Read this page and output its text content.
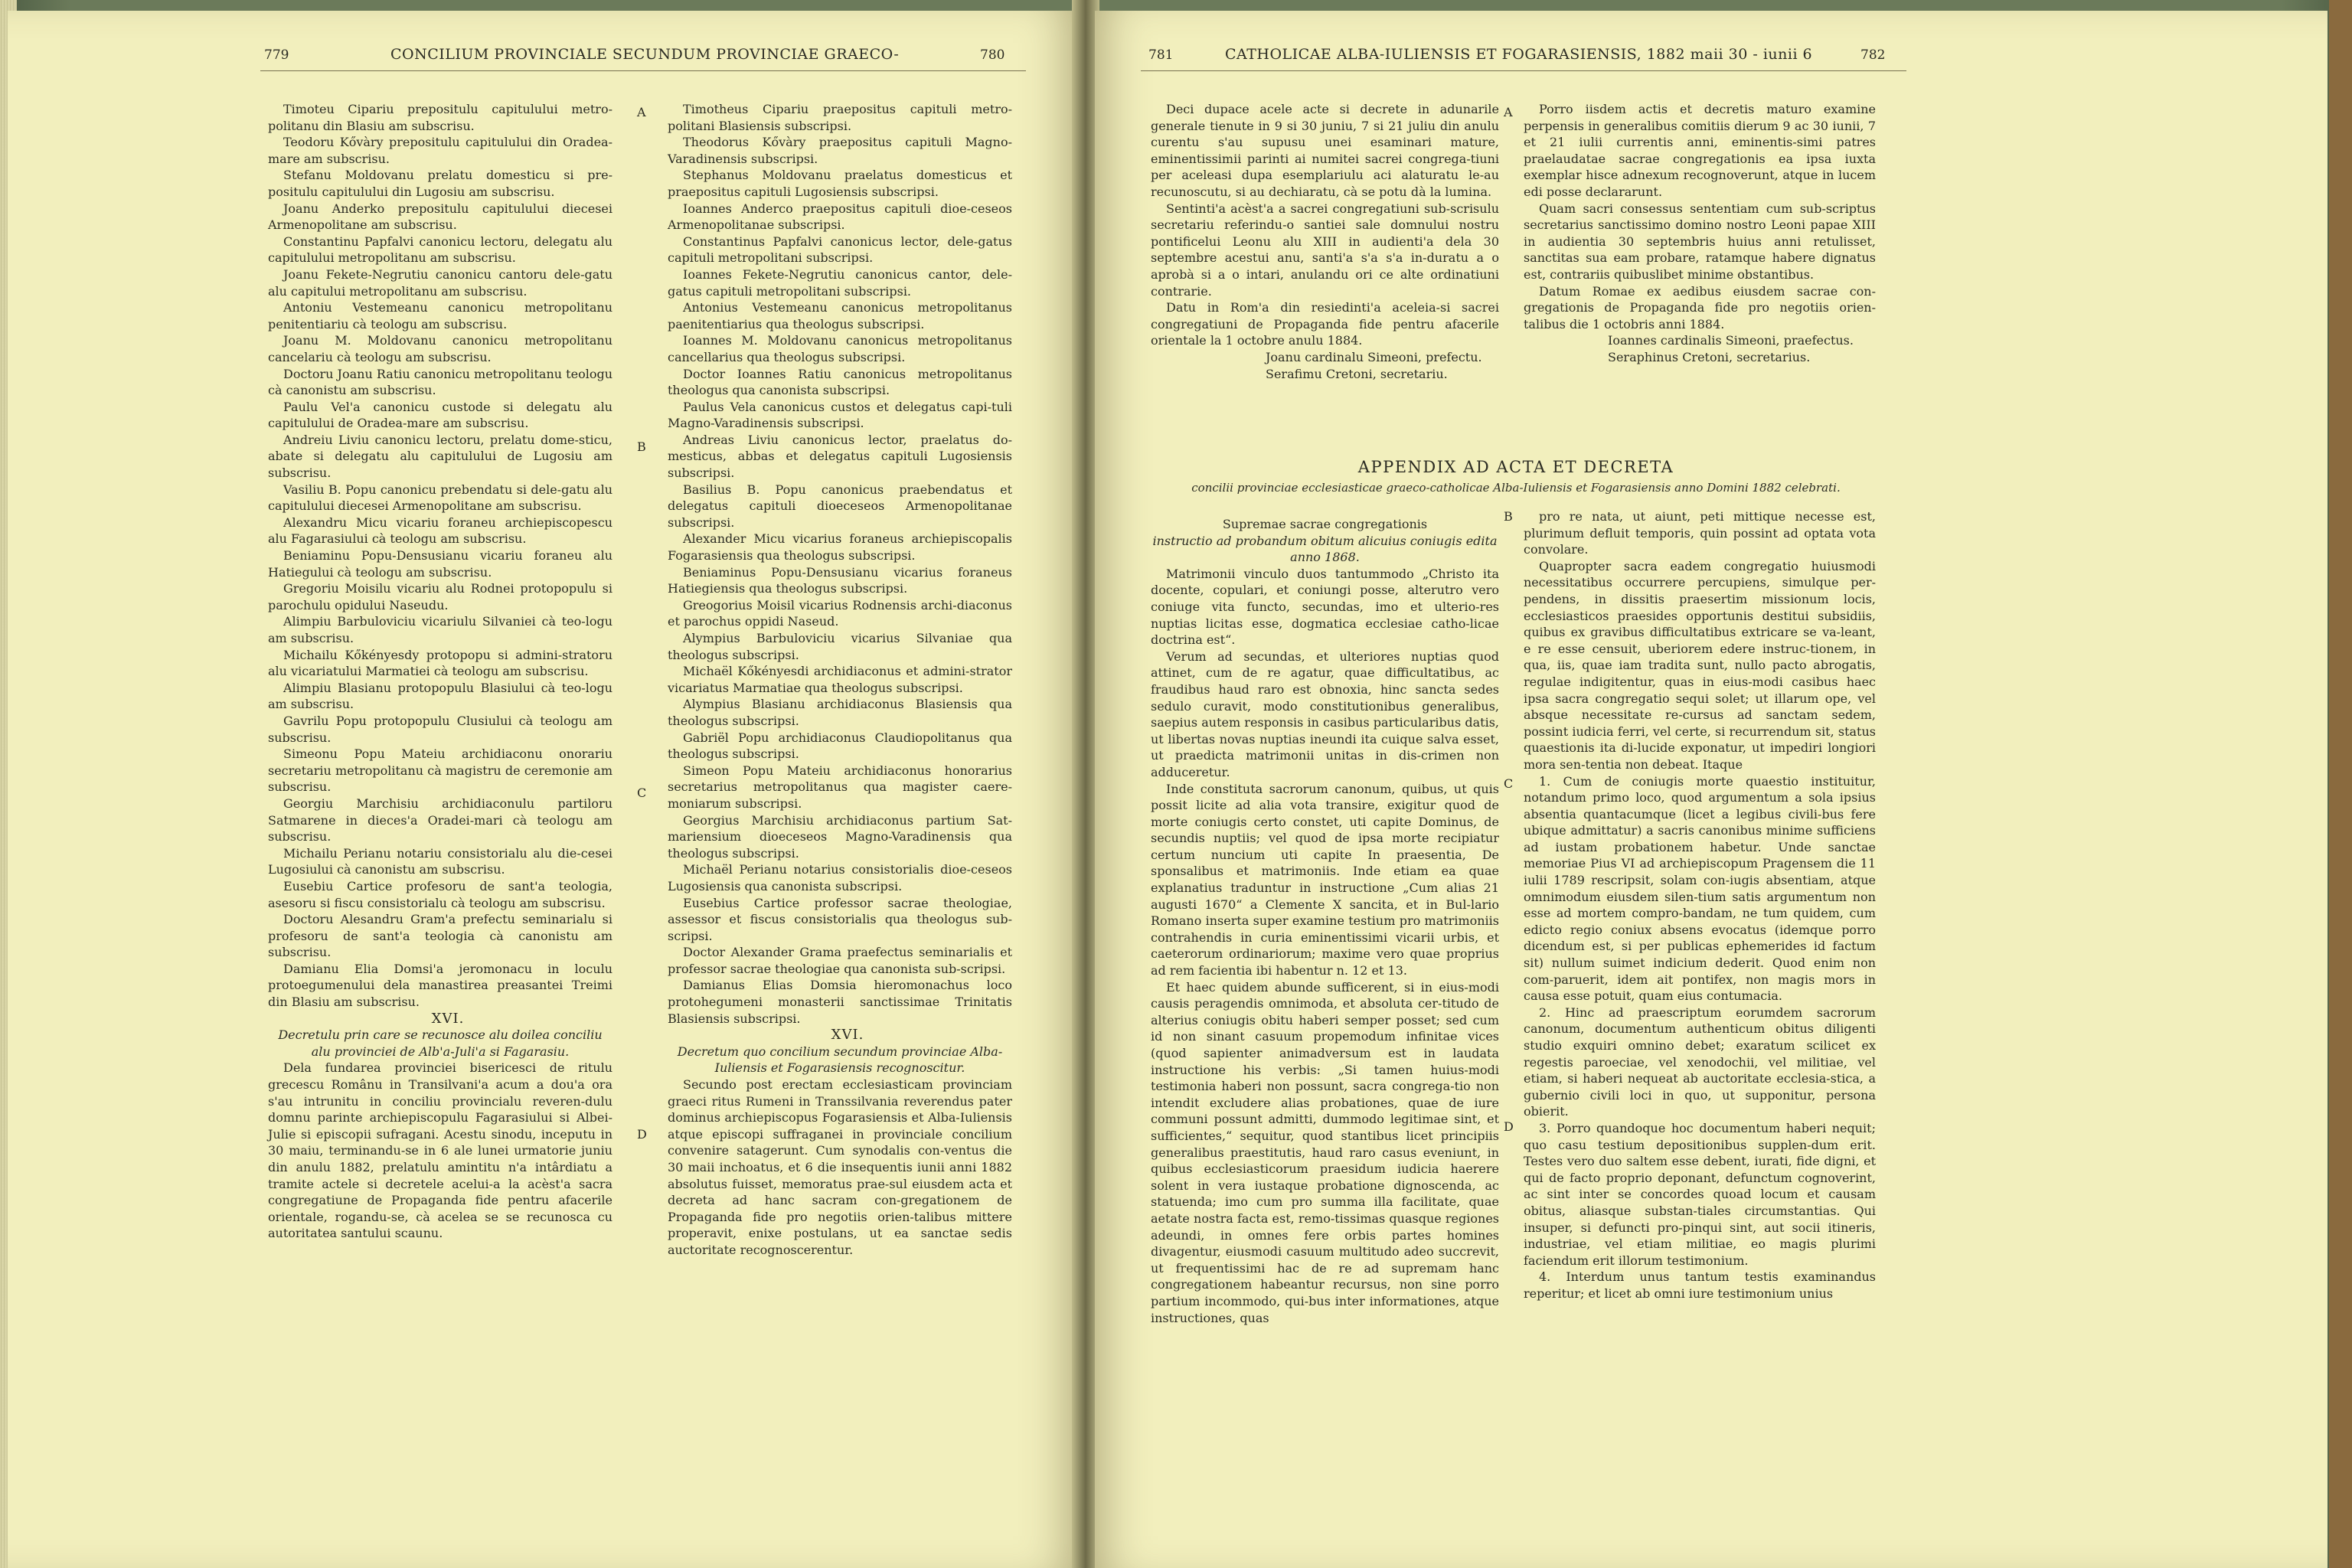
779	CONCILIUM PROVINCIALE SECUNDUM PROVINCIAE GRAECO-	780

Timoteu Cipariu prepositulu capitulului metro-politanu din Blasiu am subscrisu.

Teodoru Kővàry prepositulu capitulului din Oradea-mare am subscrisu.

Stefanu Moldovanu prelatu domesticu si pre-positulu capitulului din Lugosiu am subscrisu.

Joanu Anderko prepositulu capitulului diecesei Armenopolitane am subscrisu.

Constantinu Papfalvi canonicu lectoru, delegatu alu capitulului metropolitanu am subscrisu.

Joanu Fekete-Negrutiu canonicu cantoru dele-gatu alu capitului metropolitanu am subscrisu.

Antoniu Vestemeanu canonicu metropolitanu penitentiariu cà teologu am subscrisu.

Joanu M. Moldovanu canonicu metropolitanu cancelariu cà teologu am subscrisu.

Doctoru Joanu Ratiu canonicu metropolitanu teologu cà canonistu am subscrisu.

Paulu Vel'a canonicu custode si delegatu alu capitulului de Oradea-mare am subscrisu.

Andreiu Liviu canonicu lectoru, prelatu dome-sticu, abate si delegatu alu capitulului de Lugosiu am subscrisu.

Vasiliu B. Popu canonicu prebendatu si dele-gatu alu capitulului diecesei Armenopolitane am subscrisu.

Alexandru Micu vicariu foraneu archiepiscopescu alu Fagarasiului cà teologu am subscrisu.

Beniaminu Popu-Densusianu vicariu foraneu alu Hatiegului cà teologu am subscrisu.

Gregoriu Moisilu vicariu alu Rodnei protopopulu si parochulu opidului Naseudu.

Alimpiu Barbuloviciu vicariulu Silvaniei cà teo-logu am subscrisu.

Michailu Kőkényesdy protopopu si admini-stratoru alu vicariatului Marmatiei cà teologu am subscrisu.

Alimpiu Blasianu protopopulu Blasiului cà teo-logu am subscrisu.

Gavrilu Popu protopopulu Clusiului cà teologu am subscrisu.

Simeonu Popu Mateiu archidiaconu onorariu secretariu metropolitanu cà magistru de ceremonie am subscrisu.

Georgiu Marchisiu archidiaconulu partiloru Satmarene in dieces'a Oradei-mari cà teologu am subscrisu.

Michailu Perianu notariu consistorialu alu die-cesei Lugosiului cà canonistu am subscrisu.

Eusebiu Cartice profesoru de sant'a teologia, asesoru si fiscu consistorialu cà teologu am subscrisu.

Doctoru Alesandru Gram'a prefectu seminarialu si profesoru de sant'a teologia cà canonistu am subscrisu.

Damianu Elia Domsi'a jeromonacu in loculu protoegumenului dela manastirea preasantei Treimi din Blasiu am subscrisu.

XVI.

Decretulu prin care se recunosce alu doilea conciliu alu provinciei de Alb'a-Juli'a si Fagarasiu.

Dela fundarea provinciei bisericesci de ritulu grecescu Românu in Transilvani'a acum a dou'a ora s'au intrunitu in conciliu provincialu reveren-dulu domnu parinte archiepiscopulu Fagarasiului si Albei-Julie si episcopii sufragani. Acestu sinodu, inceputu in 30 maiu, terminandu-se in 6 ale lunei urmatorie juniu din anulu 1882, prelatulu amintitu n'a intârdiatu a tramite actele si decretele acelui-a la acèst'a sacra congregatiune de Propaganda fide pentru afacerile orientale, rogandu-se, cà acelea se se recunosca cu autoritatea santului scaunu.

Timotheus Cipariu praepositus capituli metro-politani Blasiensis subscripsi.

Theodorus Kővàry praepositus capituli Magno-Varadinensis subscripsi.

Stephanus Moldovanu praelatus domesticus et praepositus capituli Lugosiensis subscripsi.

Ioannes Anderco praepositus capituli dioe-ceseos Armenopolitanae subscripsi.

Constantinus Papfalvi canonicus lector, dele-gatus capituli metropolitani subscripsi.

Ioannes Fekete-Negrutiu canonicus cantor, dele-gatus capituli metropolitani subscripsi.

Antonius Vestemeanu canonicus metropolitanus paenitentiarius qua theologus subscripsi.

Ioannes M. Moldovanu canonicus metropolitanus cancellarius qua theologus subscripsi.

Doctor Ioannes Ratiu canonicus metropolitanus theologus qua canonista subscripsi.

Paulus Vela canonicus custos et delegatus capi-tuli Magno-Varadinensis subscripsi.

Andreas Liviu canonicus lector, praelatus do-mesticus, abbas et delegatus capituli Lugosiensis subscripsi.

Basilius B. Popu canonicus praebendatus et delegatus capituli dioeceseos Armenopolitanae subscripsi.

Alexander Micu vicarius foraneus archiepiscopalis Fogarasiensis qua theologus subscripsi.

Beniaminus Popu-Densusianu vicarius foraneus Hatiegiensis qua theologus subscripsi.

Greogorius Moisil vicarius Rodnensis archi-diaconus et parochus oppidi Naseud.

Alympius Barbuloviciu vicarius Silvaniae qua theologus subscripsi.

Michaël Kőkényesdi archidiaconus et admini-strator vicariatus Marmatiae qua theologus subscripsi.

Alympius Blasianu archidiaconus Blasiensis qua theologus subscripsi.

Gabriël Popu archidiaconus Claudiopolitanus qua theologus subscripsi.

Simeon Popu Mateiu archidiaconus honorarius secretarius metropolitanus qua magister caere-moniarum subscripsi.

Georgius Marchisiu archidiaconus partium Sat-mariensium dioeceseos Magno-Varadinensis qua theologus subscripsi.

Michaël Perianu notarius consistorialis dioe-ceseos Lugosiensis qua canonista subscripsi.

Eusebius Cartice professor sacrae theologiae, assessor et fiscus consistorialis qua theologus sub-scripsi.

Doctor Alexander Grama praefectus seminarialis et professor sacrae theologiae qua canonista sub-scripsi.

Damianus Elias Domsia hieromonachus loco protohegumeni monasterii sanctissimae Trinitatis Blasiensis subscripsi.

XVI.

Decretum quo concilium secundum provinciae Alba-Iuliensis et Fogarasiensis recognoscitur.

Secundo post erectam ecclesiasticam provinciam graeci ritus Rumeni in Transsilvania reverendus pater dominus archiepiscopus Fogarasiensis et Alba-Iuliensis atque episcopi suffraganei in provinciale concilium convenire satagerunt. Cum synodalis con-ventus die 30 maii inchoatus, et 6 die insequentis iunii anni 1882 absolutus fuisset, memoratus prae-sul eiusdem acta et decreta ad hanc sacram con-gregationem de Propaganda fide pro negotiis orien-talibus mittere properavit, enixe postulans, ut ea sanctae sedis auctoritate recognoscerentur.

A
B
C
D
781	CATHOLICAE ALBA-IULIENSIS ET FOGARASIENSIS, 1882 maii 30 - iunii 6	782

Deci dupace acele acte si decrete in adunarile generale tienute in 9 si 30 juniu, 7 si 21 juliu din anulu curentu s'au supusu unei esaminari mature, eminentissimii parinti ai numitei sacrei congrega-tiuni per aceleasi dupa esemplariulu aci alaturatu le-au recunoscutu, si au dechiaratu, cà se potu dà la lumina.

Sentinti'a acèst'a a sacrei congregatiuni sub-scrisulu secretariu referindu-o santiei sale domnului nostru pontificelui Leonu alu XIII in audienti'a dela 30 septembre acestui anu, santi'a s'a s'a in-duratu a o aprobà si a o intari, anulandu ori ce alte ordinatiuni contrarie.

Datu in Rom'a din resiedinti'a aceleia-si sacrei congregatiuni de Propaganda fide pentru afacerile orientale la 1 octobre anulu 1884.

Joanu cardinalu Simeoni, prefectu.

Serafimu Cretoni, secretariu.

Porro iisdem actis et decretis maturo examine perpensis in generalibus comitiis dierum 9 ac 30 iunii, 7 et 21 iulii currentis anni, eminentis-simi patres praelaudatae sacrae congregationis ea ipsa iuxta exemplar hisce adnexum recognoverunt, atque in lucem edi posse declararunt.

Quam sacri consessus sententiam cum sub-scriptus secretarius sanctissimo domino nostro Leoni papae XIII in audientia 30 septembris huius anni retulisset, sanctitas sua eam probare, ratamque habere dignatus est, contrariis quibuslibet minime obstantibus.

Datum Romae ex aedibus eiusdem sacrae con-gregationis de Propaganda fide pro negotiis orien-talibus die 1 octobris anni 1884.

Ioannes cardinalis Simeoni, praefectus.

Seraphinus Cretoni, secretarius.

APPENDIX AD ACTA ET DECRETA
concilii provinciae ecclesiasticae graeco-catholicae Alba-Iuliensis et Fogarasiensis anno Domini 1882 celebrati.

Supremae sacrae congregationis

instructio ad probandum obitum alicuius coniugis edita anno 1868.

Matrimonii vinculo duos tantummodo „Christo ita docente, copulari, et coniungi posse, alterutro vero coniuge vita functo, secundas, imo et ulterio-res nuptias licitas esse, dogmatica ecclesiae catho-licae doctrina est“.

Verum ad secundas, et ulteriores nuptias quod attinet, cum de re agatur, quae difficultatibus, ac fraudibus haud raro est obnoxia, hinc sancta sedes sedulo curavit, modo constitutionibus generalibus, saepius autem responsis in casibus particularibus datis, ut libertas novas nuptias ineundi ita cuique salva esset, ut praedicta matrimonii unitas in dis-crimen non adduceretur.

Inde constituta sacrorum canonum, quibus, ut quis possit licite ad alia vota transire, exigitur quod de morte coniugis certo constet, uti capite Dominus, de secundis nuptiis; vel quod de ipsa morte recipiatur certum nuncium uti capite In praesentia, De sponsalibus et matrimoniis. Inde etiam ea quae explanatius traduntur in instructione „Cum alias 21 augusti 1670“ a Clemente X sancita, et in Bul-lario Romano inserta super examine testium pro matrimoniis contrahendis in curia eminentissimi vicarii urbis, et caeterorum ordinariorum; maxime vero quae proprius ad rem facientia ibi habentur n. 12 et 13.

Et haec quidem abunde sufficerent, si in eius-modi causis peragendis omnimoda, et absoluta cer-titudo de alterius coniugis obitu haberi semper posset; sed cum id non sinant casuum propemodum infinitae vices (quod sapienter animadversum est in laudata instructione his verbis: „Si tamen huius-modi testimonia haberi non possunt, sacra congrega-tio non intendit excludere alias probationes, quae de iure communi possunt admitti, dummodo legitimae sint, et sufficientes,“ sequitur, quod stantibus licet principiis generalibus praestitutis, haud raro casus eveniunt, in quibus ecclesiasticorum praesidum iudicia haerere solent in vera iustaque probatione dignoscenda, ac statuenda; imo cum pro summa illa facilitate, quae aetate nostra facta est, remo-tissimas quasque regiones adeundi, in omnes fere orbis partes homines divagentur, eiusmodi casuum multitudo adeo succrevit, ut frequentissimi hac de re ad supremam hanc congregationem habeantur recursus, non sine porro partium incommodo, qui-bus inter informationes, atque instructiones, quas

pro re nata, ut aiunt, peti mittique necesse est, plurimum defluit temporis, quin possint ad optata vota convolare.

Quapropter sacra eadem congregatio huiusmodi necessitatibus occurrere percupiens, simulque per-pendens, in dissitis praesertim missionum locis, ecclesiasticos praesides opportunis destitui subsidiis, quibus ex gravibus difficultatibus extricare se va-leant, e re esse censuit, uberiorem edere instruc-tionem, in qua, iis, quae iam tradita sunt, nullo pacto abrogatis, regulae indigitentur, quas in eius-modi casibus haec ipsa sacra congregatio sequi solet; ut illarum ope, vel absque necessitate re-cursus ad sanctam sedem, possint iudicia ferri, vel certe, si recurrendum sit, status quaestionis ita di-lucide exponatur, ut impediri longiori mora sen-tentia non debeat. Itaque

1. Cum de coniugis morte quaestio instituitur, notandum primo loco, quod argumentum a sola ipsius absentia quantacumque (licet a legibus civili-bus fere ubique admittatur) a sacris canonibus minime sufficiens ad iustam probationem habetur. Unde sanctae memoriae Pius VI ad archiepiscopum Pragensem die 11 iulii 1789 rescripsit, solam con-iugis absentiam, atque omnimodum eiusdem silen-tium satis argumentum non esse ad mortem compro-bandam, ne tum quidem, cum edicto regio coniux absens evocatus (idemque porro dicendum est, si per publicas ephemerides id factum sit) nullum suimet indicium dederit. Quod enim non com-paruerit, idem ait pontifex, non magis mors in causa esse potuit, quam eius contumacia.

2. Hinc ad praescriptum eorumdem sacrorum canonum, documentum authenticum obitus diligenti studio exquiri omnino debet; exaratum scilicet ex regestis paroeciae, vel xenodochii, vel militiae, vel etiam, si haberi nequeat ab auctoritate ecclesia-stica, a gubernio civili loci in quo, ut supponitur, persona obierit.

3. Porro quandoque hoc documentum haberi nequit; quo casu testium depositionibus supplen-dum erit. Testes vero duo saltem esse debent, iurati, fide digni, et qui de facto proprio deponant, defunctum cognoverint, ac sint inter se concordes quoad locum et causam obitus, aliasque substan-tiales circumstantias. Qui insuper, si defuncti pro-pinqui sint, aut socii itineris, industriae, vel etiam militiae, eo magis plurimi faciendum erit illorum testimonium.

4. Interdum unus tantum testis examinandus reperitur; et licet ab omni iure testimonium unius

A
B
C
D
